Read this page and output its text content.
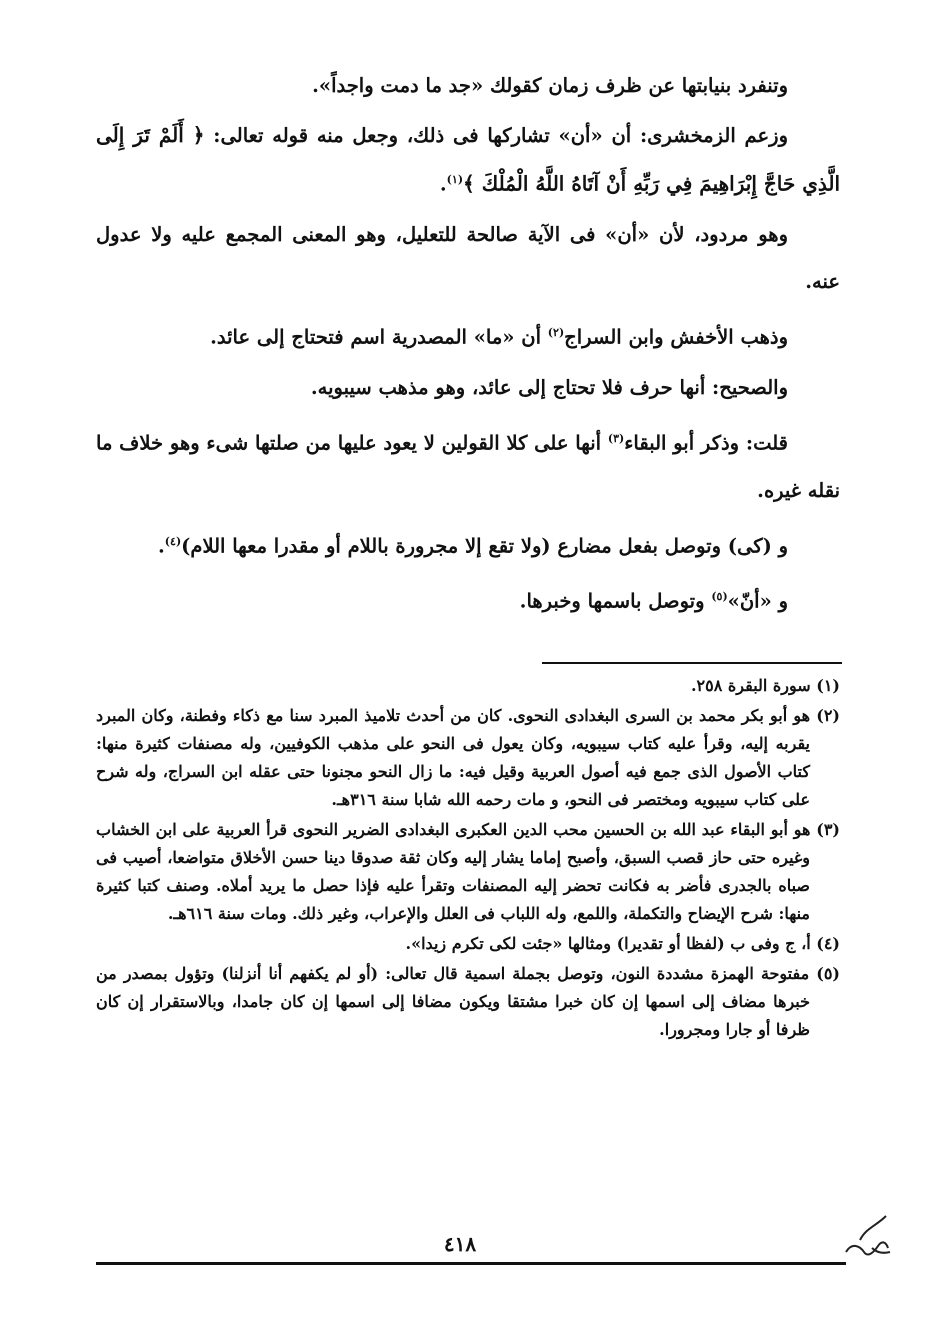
وتنفرد بنيابتها عن ظرف زمان كقولك «جد ما دمت واجداً».

وزعم الزمخشرى: أن «أن» تشاركها فى ذلك، وجعل منه قوله تعالى: ﴿ أَلَمْ تَرَ إِلَى الَّذِي حَاجَّ إِبْرَاهِيمَ فِي رَبِّهِ أَنْ آتَاهُ اللَّهُ الْمُلْكَ ﴾$^{(١)}$.

وهو مردود، لأن «أن» فى الآية صالحة للتعليل، وهو المعنى المجمع عليه ولا عدول عنه.

وذهب الأخفش وابن السراج$^{(٢)}$ أن «ما» المصدرية اسم فتحتاج إلى عائد.

والصحيح: أنها حرف فلا تحتاج إلى عائد، وهو مذهب سيبويه.

قلت: وذكر أبو البقاء$^{(٣)}$ أنها على كلا القولين لا يعود عليها من صلتها شىء وهو خلاف ما نقله غيره.

و (كى) وتوصل بفعل مضارع (ولا تقع إلا مجرورة باللام أو مقدرا معها اللام)$^{(٤)}$.

و «أنّ»$^{(٥)}$ وتوصل باسمها وخبرها.

(١) سورة البقرة ٢٥٨.

(٢) هو أبو بكر محمد بن السرى البغدادى النحوى. كان من أحدث تلاميذ المبرد سنا مع ذكاء وفطنة، وكان المبرد يقربه إليه، وقرأ عليه كتاب سيبويه، وكان يعول فى النحو على مذهب الكوفيين، وله مصنفات كثيرة منها: كتاب الأصول الذى جمع فيه أصول العربية وقيل فيه: ما زال النحو مجنونا حتى عقله ابن السراج، وله شرح على كتاب سيبويه ومختصر فى النحو، و مات رحمه الله شابا سنة ٣١٦هـ.

(٣) هو أبو البقاء عبد الله بن الحسين محب الدين العكبرى البغدادى الضرير النحوى قرأ العربية على ابن الخشاب وغيره حتى حاز قصب السبق، وأصبح إماما يشار إليه وكان ثقة صدوقا دينا حسن الأخلاق متواضعا، أصيب فى صباه بالجدرى فأضر به فكانت تحضر إليه المصنفات وتقرأ عليه فإذا حصل ما يريد أملاه. وصنف كتبا كثيرة منها: شرح الإيضاح والتكملة، واللمع، وله اللباب فى العلل والإعراب، وغير ذلك. ومات سنة ٦١٦هـ.

(٤) أ، ج وفى ب (لفظا أو تقديرا) ومثالها «جئت لكى تكرم زيدا».

(٥) مفتوحة الهمزة مشددة النون، وتوصل بجملة اسمية قال تعالى: (أو لم يكفهم أنا أنزلنا) وتؤول بمصدر من خبرها مضاف إلى اسمها إن كان خبرا مشتقا ويكون مضافا إلى اسمها إن كان جامدا، وبالاستقرار إن كان ظرفا أو جارا ومجرورا.

٤١٨
